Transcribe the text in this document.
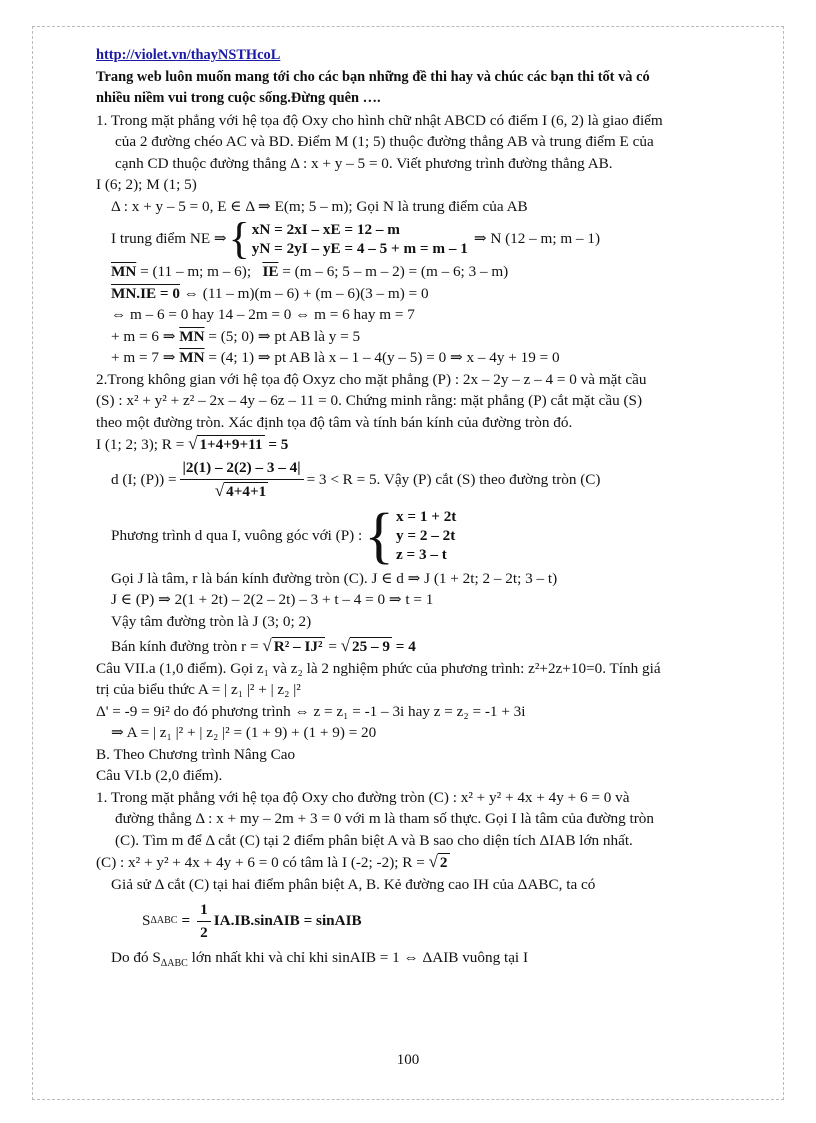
http://violet.vn/thayNSTHcoL
Trang web luôn muốn mang tới cho các bạn những đề thi hay và chúc các bạn thi tốt và có
nhiều niềm vui trong cuộc sống.Đừng quên ….
1. Trong mặt phẳng với hệ tọa độ Oxy cho hình chữ nhật ABCD có điểm I (6, 2) là giao điểm
của 2 đường chéo AC và BD. Điểm M (1; 5) thuộc đường thẳng AB và trung điểm E của
cạnh CD thuộc đường thẳng Δ : x + y – 5 = 0. Viết phương trình đường thẳng AB.
I (6; 2); M (1; 5)
Δ : x + y – 5 = 0, E ∈ Δ ⇒ E(m; 5 – m); Gọi N là trung điểm của AB
I trung điểm NE ⇒ { xN = 2xI – xE = 12 – m
yN = 2yI – yE = 4 – 5 + m = m – 1
⇒ N (12 – m; m – 1)
$\overline{MN} = (11 - m$; m – 6); $\overline{IE} = (m - 6$; 5 – m – 2) = (m – 6; 3 – m)
MN.IE = 0 ⇔ (11 – m)(m – 6) + (m – 6)(3 – m) = 0
⇔ m – 6 = 0 hay 14 – 2m = 0 ⇔ m = 6 hay m = 7
+ m = 6 ⇒ $\overline{MN} = (5$; 0) ⇒ pt AB là y = 5
+ m = 7 ⇒ $\overline{MN} = (4$; 1) ⇒ pt AB là x – 1 – 4(y – 5) = 0 ⇒ x – 4y + 19 = 0
2.Trong không gian với hệ tọa độ Oxyz cho mặt phẳng (P) : 2x – 2y – z – 4 = 0 và mặt cầu
(S) : x² + y² + z² – 2x – 4y – 6z – 11 = 0. Chứng minh rằng: mặt phẳng (P) cắt mặt cầu (S)
theo một đường tròn. Xác định tọa độ tâm và tính bán kính của đường tròn đó.
I (1; 2; 3); R = √ 1+4+9+11 = 5
d (I; $(P)) = \frac{|2(1) - 2(2) - 3 - 4|}{√ 4+4+1} = 3 < R = 5$. Vậy (P) cắt (S) theo đường tròn (C)
Phương trình d qua I, vuông góc với (P) : { x = 1 + 2t
y = 2 – 2t
z = 3 – t
Gọi J là tâm, r là bán kính đường tròn (C). J ∈ d ⇒ J (1 + 2t; 2 – 2t; 3 – t)
J ∈ (P) ⇒ 2(1 + 2t) – 2(2 – 2t) – 3 + t – 4 = 0 ⇒ t = 1
Vậy tâm đường tròn là J (3; 0; 2)
Bán kính đường tròn r = √ R² – IJ² = √ 25 – 9 = 4
Câu VII.a (1,0 điểm). Gọi z₁ và z₂ là 2 nghiệm phức của phương trình: z²+2z+10=0. Tính giá
trị của biểu thức A = | z₁ |² + | z₂ |²
Δ' = -9 = 9i² do đó phương trình ⇔ z = z₁ = -1 – 3i hay z = z₂ = -1 + 3i
⇒ A = | z₁ |² + | z₂ |² = (1 + 9) + (1 + 9) = 20
B. Theo Chương trình Nâng Cao
Câu VI.b (2,0 điểm).
1. Trong mặt phẳng với hệ tọa độ Oxy cho đường tròn (C) : x² + y² + 4x + 4y + 6 = 0 và
đường thẳng Δ : x + my – 2m + 3 = 0 với m là tham số thực. Gọi I là tâm của đường tròn
(C). Tìm m để Δ cắt (C) tại 2 điểm phân biệt A và B sao cho diện tích ΔIAB lớn nhất.
(C) : x² + y² + 4x + 4y + 6 = 0 có tâm là I (-2; -2); R = √ 2
Giả sử Δ cắt (C) tại hai điểm phân biệt A, B. Kẻ đường cao IH của ΔABC, ta có
S $\Delta ABC = \frac{1}{2}$ IA.IB.sinAIB = sinAIB
Do đó $S_{\Delta ABC}$ lớn nhất khi và chỉ khi sinAIB = 1 ⇔ ΔAIB vuông tại I
100
